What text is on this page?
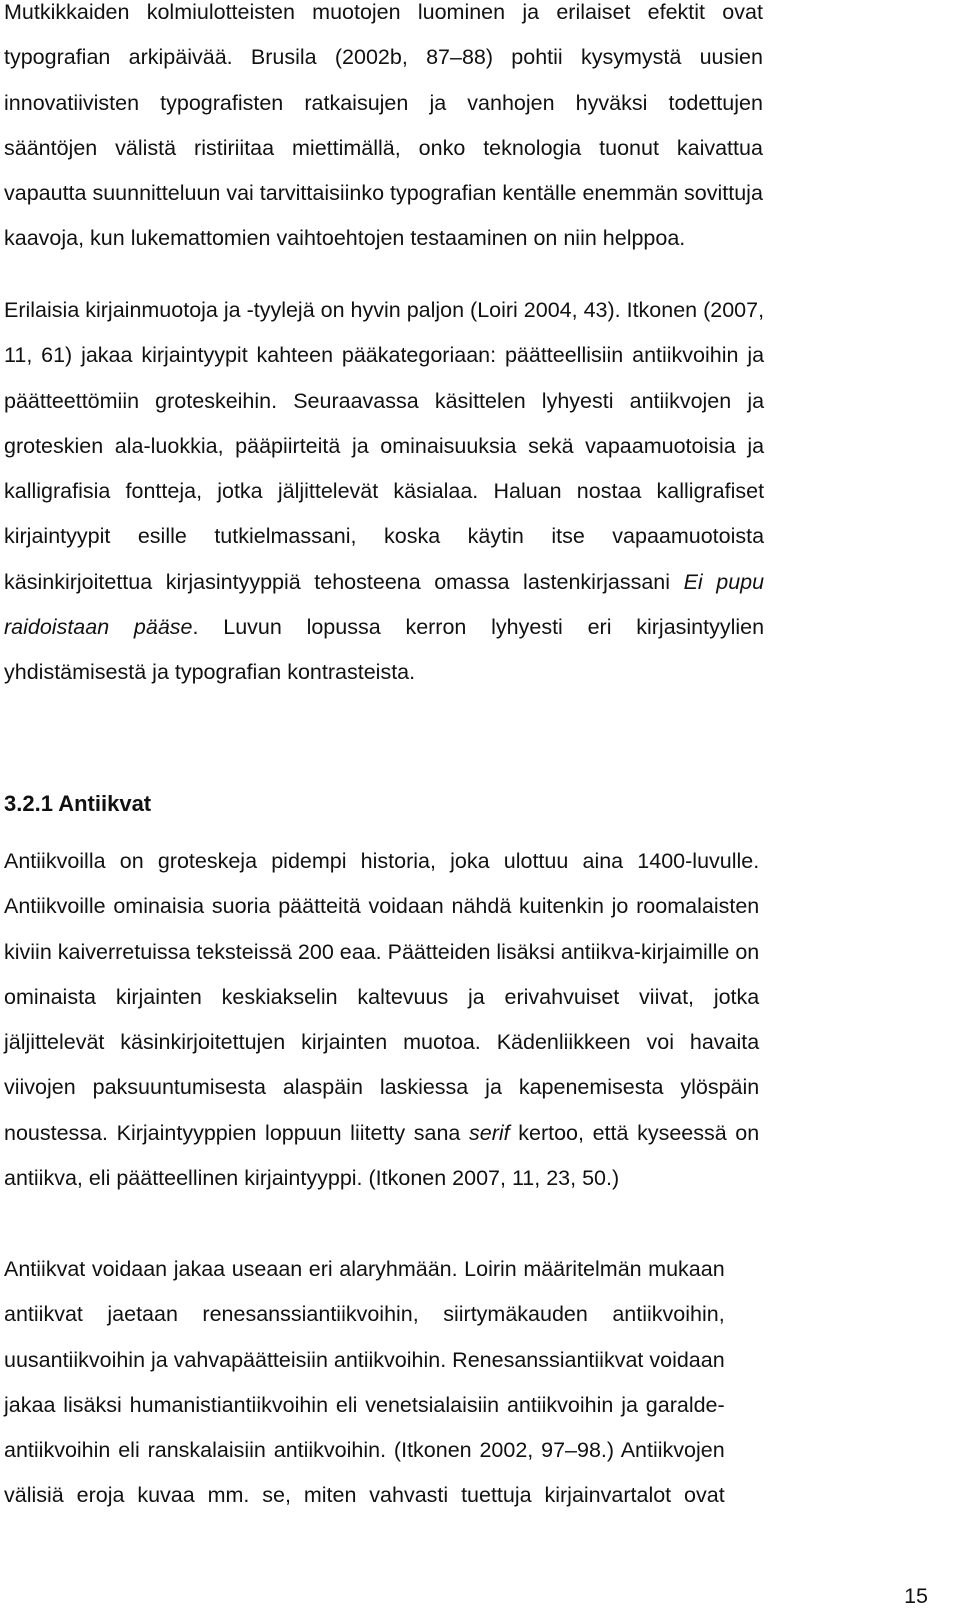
Mutkikkaiden kolmiulotteisten muotojen luominen ja erilaiset efektit ovat
typografian arkipäivää. Brusila (2002b, 87–88) pohtii kysymystä uusien
innovatiivisten typografisten ratkaisujen ja vanhojen hyväksi todettujen
sääntöjen välistä ristiriitaa miettimällä, onko teknologia tuonut kaivattua
vapautta suunnitteluun vai tarvittaisiinko typografian kentälle enemmän sovittuja
kaavoja, kun lukemattomien vaihtoehtojen testaaminen on niin helppoa.

Erilaisia kirjainmuotoja ja -tyylejä on hyvin paljon (Loiri 2004, 43). Itkonen (2007,
11, 61) jakaa kirjaintyypit kahteen pääkategoriaan: päätteellisiin antiikvoihin ja
päätteettömiin groteskeihin. Seuraavassa käsittelen lyhyesti antiikvojen ja
groteskien ala-luokkia, pääpiirteitä ja ominaisuuksia sekä vapaamuotoisia ja
kalligrafisia fontteja, jotka jäljittelevät käsialaa. Haluan nostaa kalligrafiset
kirjaintyypit esille tutkielmassani, koska käytin itse vapaamuotoista
käsinkirjoitettua kirjasintyyppiä tehosteena omassa lastenkirjassani Ei pupu
raidoistaan pääse. Luvun lopussa kerron lyhyesti eri kirjasintyylien
yhdistämisestä ja typografian kontrasteista.

3.2.1 Antiikvat

Antiikvoilla on groteskeja pidempi historia, joka ulottuu aina 1400-luvulle.
Antiikvoille ominaisia suoria päätteitä voidaan nähdä kuitenkin jo roomalaisten
kiviin kaiverretuissa teksteissä 200 eaa. Päätteiden lisäksi antiikva-kirjaimille on
ominaista kirjainten keskiakselin kaltevuus ja erivahvuiset viivat, jotka
jäljittelevät käsinkirjoitettujen kirjainten muotoa. Kädenliikkeen voi havaita
viivojen paksuuntumisesta alaspäin laskiessa ja kapenemisesta ylöspäin
noustessa. Kirjaintyyppien loppuun liitetty sana serif kertoo, että kyseessä on
antiikva, eli päätteellinen kirjaintyyppi. (Itkonen 2007, 11, 23, 50.)

Antiikvat voidaan jakaa useaan eri alaryhmään. Loirin määritelmän mukaan
antiikvat jaetaan renesanssiantiikvoihin, siirtymäkauden antiikvoihin,
uusantiikvoihin ja vahvapäätteisiin antiikvoihin. Renesanssiantiikvat voidaan
jakaa lisäksi humanistiantiikvoihin eli venetsialaisiin antiikvoihin ja garalde-
antiikvoihin eli ranskalaisiin antiikvoihin. (Itkonen 2002, 97–98.) Antiikvojen
välisiä eroja kuvaa mm. se, miten vahvasti tuettuja kirjainvartalot ovat

15
